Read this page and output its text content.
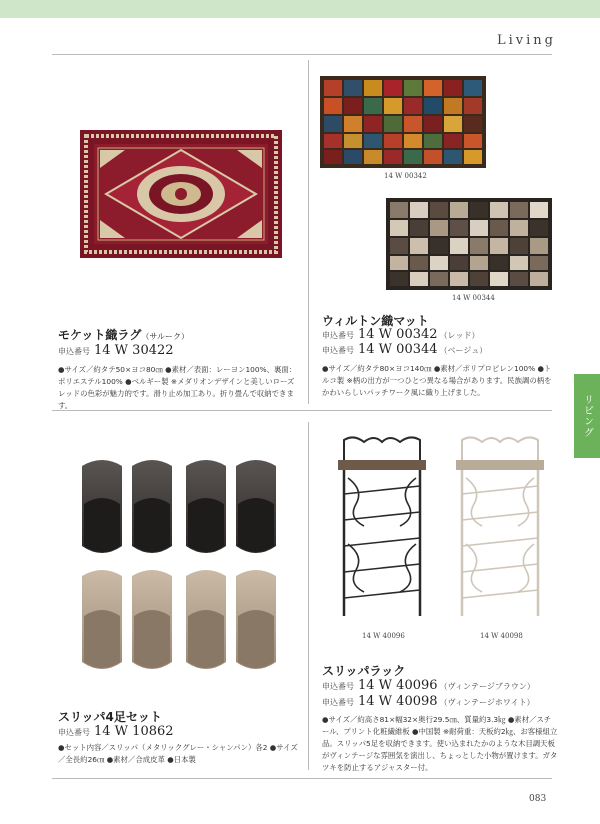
Living
リビング
モケット織ラグ（サルーク）
申込番号 14 W 30422
●サイズ／約タテ50×ヨコ80㎝ ●素材／表面：レーヨン100%、裏面：ポリエステル100% ●ベルギー製 ※メダリオンデザインと美しいローズレッドの色彩が魅力的です。滑り止め加工あり。折り畳んで収納できます。
14 W 00342
14 W 00344
ウィルトン織マット
申込番号 14 W 00342 （レッド）
申込番号 14 W 00344 （ベージュ）
●サイズ／約タテ80×ヨコ140㎝ ●素材／ポリプロピレン100% ●トルコ製 ※柄の出方が一つひとつ異なる場合があります。民族調の柄をかわいらしいパッチワーク風に織り上げました。
スリッパ4足セット
申込番号 14 W 10862
●セット内容／スリッパ（メタリックグレー・シャンパン）各2 ●サイズ／全長約26㎝ ●素材／合成皮革 ●日本製
14 W 40096	14 W 40098
スリッパラック
申込番号 14 W 40096 （ヴィンテージブラウン）
申込番号 14 W 40098 （ヴィンテージホワイト）
●サイズ／約高さ81×幅32×奥行29.5㎝、質量約3.3㎏ ●素材／スチール、プリント化粧繊維板 ●中国製 ※耐荷重：天板約2㎏、お客様組立品。スリッパ5足を収納できます。使い込まれたかのような木目調天板がヴィンテージな雰囲気を演出し、ちょっとした小物が置けます。ガタツキを防止するアジャスター付。
083
